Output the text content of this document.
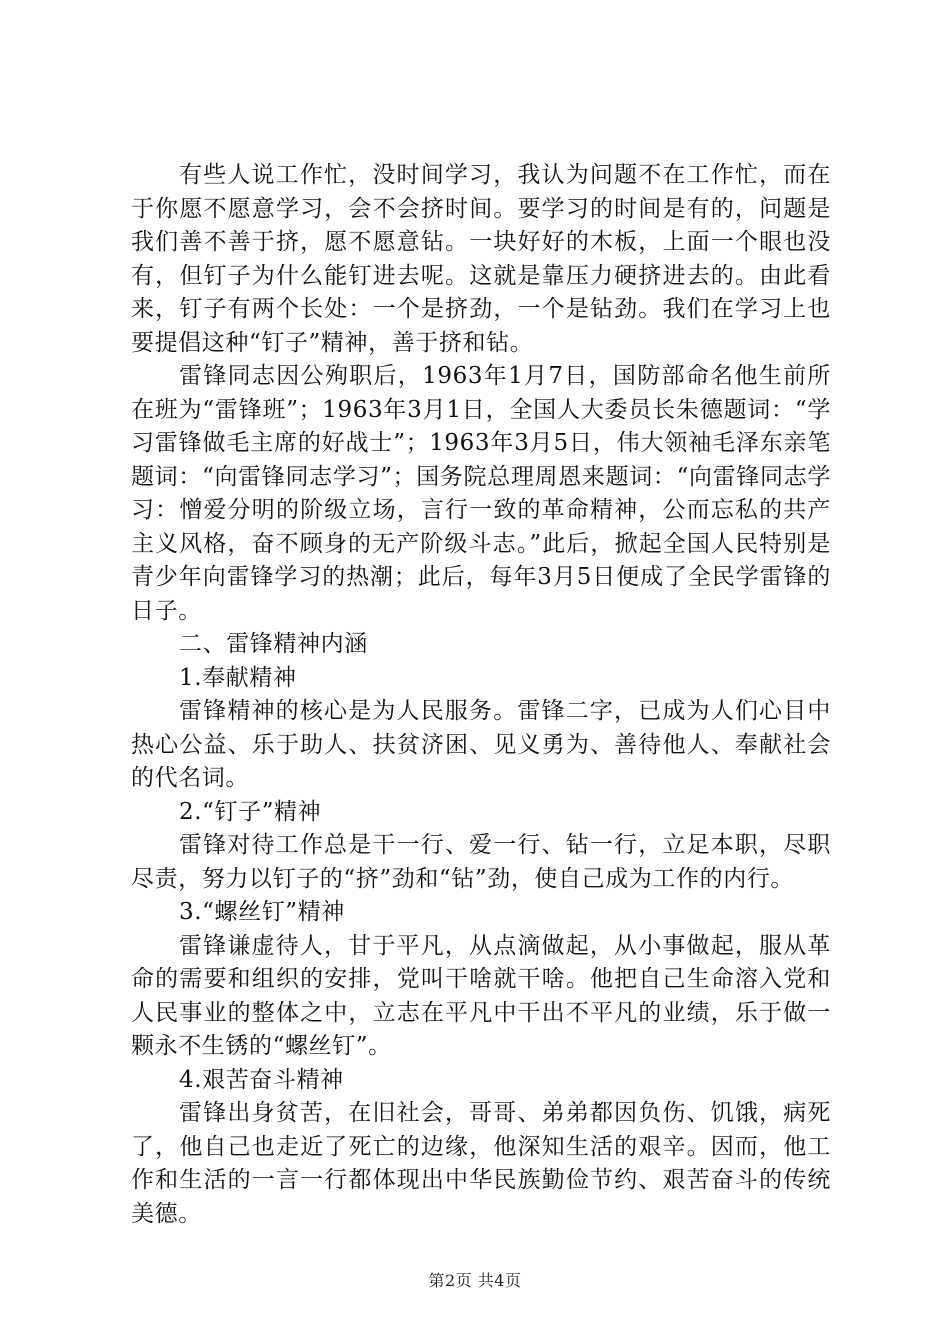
有些人说工作忙，没时间学习，我认为问题不在工作忙，而在于你愿不愿意学习，会不会挤时间。要学习的时间是有的，问题是我们善不善于挤，愿不愿意钻。一块好好的木板，上面一个眼也没有，但钉子为什么能钉进去呢。这就是靠压力硬挤进去的。由此看来，钉子有两个长处：一个是挤劲，一个是钻劲。我们在学习上也要提倡这种“钉子”精神，善于挤和钻。

雷锋同志因公殉职后，1963年1月7日，国防部命名他生前所在班为“雷锋班”；1963年3月1日，全国人大委员长朱德题词：“学习雷锋做毛主席的好战士”；1963年3月5日，伟大领袖毛泽东亲笔题词：“向雷锋同志学习”；国务院总理周恩来题词：“向雷锋同志学习：憎爱分明的阶级立场，言行一致的革命精神，公而忘私的共产主义风格，奋不顾身的无产阶级斗志。”此后，掀起全国人民特别是青少年向雷锋学习的热潮；此后，每年3月5日便成了全民学雷锋的日子。

二、雷锋精神内涵

1.奉献精神

雷锋精神的核心是为人民服务。雷锋二字，已成为人们心目中热心公益、乐于助人、扶贫济困、见义勇为、善待他人、奉献社会的代名词。

2.“钉子”精神

雷锋对待工作总是干一行、爱一行、钻一行，立足本职，尽职尽责，努力以钉子的“挤”劲和“钻”劲，使自己成为工作的内行。

3.“螺丝钉”精神

雷锋谦虚待人，甘于平凡，从点滴做起，从小事做起，服从革命的需要和组织的安排，党叫干啥就干啥。他把自己生命溶入党和人民事业的整体之中，立志在平凡中干出不平凡的业绩，乐于做一颗永不生锈的“螺丝钉”。

4.艰苦奋斗精神

雷锋出身贫苦，在旧社会，哥哥、弟弟都因负伤、饥饿，病死了，他自己也走近了死亡的边缘，他深知生活的艰辛。因而，他工作和生活的一言一行都体现出中华民族勤俭节约、艰苦奋斗的传统美德。

第2页 共4页
